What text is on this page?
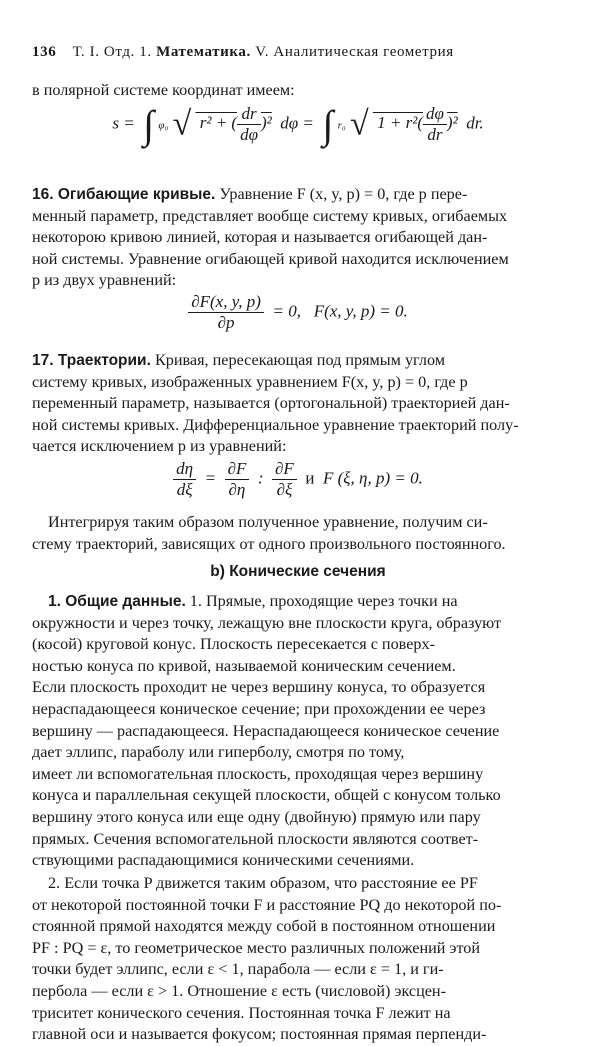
136 Т. I. Отд. 1. Математика. V. Аналитическая геометрия

в полярной системе координат имеем:

s =  ∫ φ₀ √  r² + ( $\frac{dr}{d\varphi} )^2$  dφ =  ∫ r₀ √  $1 + r^2( \frac{d\varphi}{dr} )^2$  dr.

16. Огибающие кривые. Уравнение F (x, y, p) = 0, где p пере-

менный параметр, представляет вообще систему кривых, огибаемых

некоторою кривою линией, которая и называется огибающей дан-

ной системы. Уравнение огибающей кривой находится исключением

p из двух уравнений:

$\frac{\partial F(x, y, p)}{\partial p} = 0$,   F(x, y, p) = 0.

17. Траектории. Кривая, пересекающая под прямым углом

систему кривых, изображенных уравнением F(x, y, p) = 0, где p

переменный параметр, называется (ортогональной) траекторией дан-

ной системы кривых. Дифференциальное уравнение траекторий полу-

чается исключением p из уравнений:

$\frac{d\eta}{d\xi} = \frac{\partial F}{\partial\eta}$ : $\frac{\partial F}{\partial\xi}$ и  F (ξ, η, p) = 0.

Интегрируя таким образом полученное уравнение, получим си-

стему траекторий, зависящих от одного произвольного постоянного.

b) Конические сечения

1. Общие данные. 1. Прямые, проходящие через точки на

окружности и через точку, лежащую вне плоскости круга, образуют

(косой) круговой конус. Плоскость пересекается с поверх-

ностью конуса по кривой, называемой коническим сечением.

Если плоскость проходит не через вершину конуса, то образуется

нераспадающееся коническое сечение; при прохождении ее через

вершину — распадающееся. Нераспадающееся коническое сечение

дает эллипс, параболу или гиперболу, смотря по тому,

имеет ли вспомогательная плоскость, проходящая через вершину

конуса и параллельная секущей плоскости, общей с конусом только

вершину этого конуса или еще одну (двойную) прямую или пару

прямых. Сечения вспомогательной плоскости являются соответ-

ствующими распадающимися коническими сечениями.

2. Если точка P движется таким образом, что расстояние ее PF

от некоторой постоянной точки F и расстояние PQ до некоторой по-

стоянной прямой находятся между собой в постоянном отношении

PF : PQ = ε, то геометрическое место различных положений этой

точки будет эллипс, если ε < 1, парабола — если ε = 1, и ги-

пербола — если ε > 1. Отношение ε есть (числовой) эксцен-

триситет конического сечения. Постоянная точка F лежит на

главной оси и называется фокусом; постоянная прямая перпенди-
